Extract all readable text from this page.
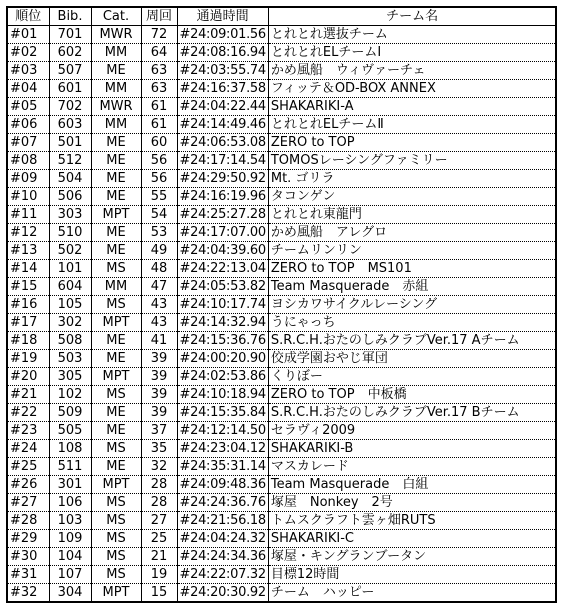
順位	Bib.	Cat.	周回	通過時間	チーム名
#01	701	MWR	72	#24:09:01.56	とれとれ選抜チーム
#02	602	MM	64	#24:08:16.94	とれとれELチームⅠ
#03	507	ME	63	#24:03:55.74	かめ風船　ウィヴァーチェ
#04	601	MM	63	#24:16:37.58	フィッテ＆OD-BOX ANNEX
#05	702	MWR	61	#24:04:22.44	SHAKARIKI-A
#06	603	MM	61	#24:14:49.46	とれとれELチームⅡ
#07	501	ME	60	#24:06:53.08	ZERO to TOP
#08	512	ME	56	#24:17:14.54	TOMOSレーシングファミリー
#09	504	ME	56	#24:29:50.92	Mt. ゴリラ
#10	506	ME	55	#24:16:19.96	タコンゲン
#11	303	MPT	54	#24:25:27.28	とれとれ東龍門
#12	510	ME	53	#24:17:07.00	かめ風船　アレグロ
#13	502	ME	49	#24:04:39.60	チームリンリン
#14	101	MS	48	#24:22:13.04	ZERO to TOP　MS101
#15	604	MM	47	#24:05:53.82	Team Masquerade　赤組
#16	105	MS	43	#24:10:17.74	ヨシカワサイクルレーシング
#17	302	MPT	43	#24:14:32.94	うにゃっち
#18	508	ME	41	#24:15:36.76	S.R.C.H.おたのしみクラブVer.17 Aチーム
#19	503	ME	39	#24:00:20.90	佼成学園おやじ軍団
#20	305	MPT	39	#24:02:53.86	くりぼー
#21	102	MS	39	#24:10:18.94	ZERO to TOP　中板橋
#22	509	ME	39	#24:15:35.84	S.R.C.H.おたのしみクラブVer.17 Bチーム
#23	505	ME	37	#24:12:14.50	セラヴィ2009
#24	108	MS	35	#24:23:04.12	SHAKARIKI-B
#25	511	ME	32	#24:35:31.14	マスカレード
#26	301	MPT	28	#24:09:48.36	Team Masquerade　白組
#27	106	MS	28	#24:24:36.76	塚屋　Nonkey　2号
#28	103	MS	27	#24:21:56.18	トムスクラフト雲ヶ畑RUTS
#29	109	MS	25	#24:04:24.32	SHAKARIKI-C
#30	104	MS	21	#24:24:34.36	塚屋・キングランブータン
#31	107	MS	19	#24:22:07.32	目標12時間
#32	304	MPT	15	#24:20:30.92	チーム　ハッピー
